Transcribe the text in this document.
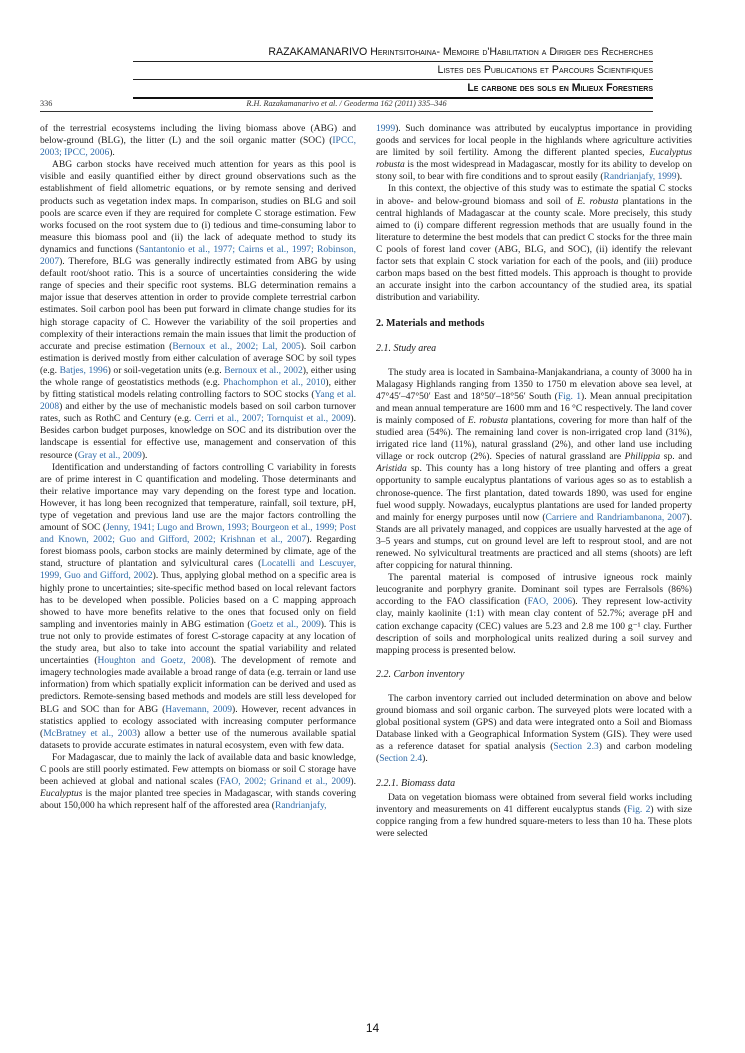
RAZAKAMANARIVO Herintsitohaina- Memoire d'Habilitation a Diriger des Recherches
Listes des Publications et Parcours Scientifiques
Le carbone des sols en Milieux Forestiers
336	R.H. Razakamanarivo et al. / Geoderma 162 (2011) 335–346

of the terrestrial ecosystems including the living biomass above (ABG) and below-ground (BLG), the litter (L) and the soil organic matter (SOC) (IPCC, 2003; IPCC, 2006).

ABG carbon stocks have received much attention for years as this pool is visible and easily quantified either by direct ground observations such as the establishment of field allometric equations, or by remote sensing and derived products such as vegetation index maps. In comparison, studies on BLG and soil pools are scarce even if they are required for complete C storage estimation. Few works focused on the root system due to (i) tedious and time-consuming labor to measure this biomass pool and (ii) the lack of adequate method to study its dynamics and functions (Santantonio et al., 1977; Cairns et al., 1997; Robinson, 2007). Therefore, BLG was generally indirectly estimated from ABG by using default root/shoot ratio. This is a source of uncertainties considering the wide range of species and their specific root systems. BLG determination remains a major issue that deserves attention in order to provide complete terrestrial carbon estimates. Soil carbon pool has been put forward in climate change studies for its high storage capacity of C. However the variability of the soil properties and complexity of their interactions remain the main issues that limit the production of accurate and precise estimation (Bernoux et al., 2002; Lal, 2005). Soil carbon estimation is derived mostly from either calculation of average SOC by soil types (e.g. Batjes, 1996) or soil-vegetation units (e.g. Bernoux et al., 2002), either using the whole range of geostatistics methods (e.g. Phachomphon et al., 2010), either by fitting statistical models relating controlling factors to SOC stocks (Yang et al. 2008) and either by the use of mechanistic models based on soil carbon turnover rates, such as RothC and Century (e.g. Cerri et al., 2007; Tornquist et al., 2009). Besides carbon budget purposes, knowledge on SOC and its distribution over the landscape is essential for effective use, management and conservation of this resource (Gray et al., 2009).

Identification and understanding of factors controlling C variability in forests are of prime interest in C quantification and modeling. Those determinants and their relative importance may vary depending on the forest type and location. However, it has long been recognized that temperature, rainfall, soil texture, pH, type of vegetation and previous land use are the major factors controlling the amount of SOC (Jenny, 1941; Lugo and Brown, 1993; Bourgeon et al., 1999; Post and Known, 2002; Guo and Gifford, 2002; Krishnan et al., 2007). Regarding forest biomass pools, carbon stocks are mainly determined by climate, age of the stand, structure of plantation and sylvicultural cares (Locatelli and Lescuyer, 1999, Guo and Gifford, 2002). Thus, applying global method on a specific area is highly prone to uncertainties; site-specific method based on local relevant factors has to be developed when possible. Policies based on a C mapping approach showed to have more benefits relative to the ones that focused only on field sampling and inventories mainly in ABG estimation (Goetz et al., 2009). This is true not only to provide estimates of forest C-storage capacity at any location of the study area, but also to take into account the spatial variability and related uncertainties (Houghton and Goetz, 2008). The development of remote and imagery technologies made available a broad range of data (e.g. terrain or land use information) from which spatially explicit information can be derived and used as predictors. Remote-sensing based methods and models are still less developed for BLG and SOC than for ABG (Havemann, 2009). However, recent advances in statistics applied to ecology associated with increasing computer performance (McBratney et al., 2003) allow a better use of the numerous available spatial datasets to provide accurate estimates in natural ecosystem, even with few data.

For Madagascar, due to mainly the lack of available data and basic knowledge, C pools are still poorly estimated. Few attempts on biomass or soil C storage have been achieved at global and national scales (FAO, 2002; Grinand et al., 2009). Eucalyptus is the major planted tree species in Madagascar, with stands covering about 150,000 ha which represent half of the afforested area (Randrianjafy,

1999). Such dominance was attributed by eucalyptus importance in providing goods and services for local people in the highlands where agriculture activities are limited by soil fertility. Among the different planted species, Eucalyptus robusta is the most widespread in Madagascar, mostly for its ability to develop on stony soil, to bear with fire conditions and to sprout easily (Randrianjafy, 1999).

In this context, the objective of this study was to estimate the spatial C stocks in above- and below-ground biomass and soil of E. robusta plantations in the central highlands of Madagascar at the county scale. More precisely, this study aimed to (i) compare different regression methods that are usually found in the literature to determine the best models that can predict C stocks for the three main C pools of forest land cover (ABG, BLG, and SOC), (ii) identify the relevant factor sets that explain C stock variation for each of the pools, and (iii) produce carbon maps based on the best fitted models. This approach is thought to provide an accurate insight into the carbon accountancy of the studied area, its spatial distribution and variability.

2. Materials and methods
2.1. Study area

The study area is located in Sambaina-Manjakandriana, a county of 3000 ha in Malagasy Highlands ranging from 1350 to 1750 m elevation above sea level, at 47°45′–47°50′ East and 18°50′–18°56′ South (Fig. 1). Mean annual precipitation and mean annual temperature are 1600 mm and 16 °C respectively. The land cover is mainly composed of E. robusta plantations, covering for more than half of the studied area (54%). The remaining land cover is non-irrigated crop land (31%), irrigated rice land (11%), natural grassland (2%), and other land use including village or rock outcrop (2%). Species of natural grassland are Philippia sp. and Aristida sp. This county has a long history of tree planting and offers a great opportunity to sample eucalyptus plantations of various ages so as to establish a chronose-quence. The first plantation, dated towards 1890, was used for engine fuel wood supply. Nowadays, eucalyptus plantations are used for landed property and mainly for energy purposes until now (Carriere and Randriambanona, 2007). Stands are all privately managed, and coppices are usually harvested at the age of 3–5 years and stumps, cut on ground level are left to resprout stool, and are not renewed. No sylvicultural treatments are practiced and all stems (shoots) are left after coppicing for natural thinning.

The parental material is composed of intrusive igneous rock mainly leucogranite and porphyry granite. Dominant soil types are Ferralsols (86%) according to the FAO classification (FAO, 2006). They represent low-activity clay, mainly kaolinite (1:1) with mean clay content of 52.7%; average pH and cation exchange capacity (CEC) values are 5.23 and 2.8 me 100 g⁻¹ clay. Further description of soils and morphological units realized during a soil survey and mapping process is presented below.

2.2. Carbon inventory

The carbon inventory carried out included determination on above and below ground biomass and soil organic carbon. The surveyed plots were located with a global positional system (GPS) and data were integrated onto a Soil and Biomass Database linked with a Geographical Information System (GIS). They were used as a reference dataset for spatial analysis (Section 2.3) and carbon modeling (Section 2.4).

2.2.1. Biomass data

Data on vegetation biomass were obtained from several field works including inventory and measurements on 41 different eucalyptus stands (Fig. 2) with size coppice ranging from a few hundred square-meters to less than 10 ha. These plots were selected

14
